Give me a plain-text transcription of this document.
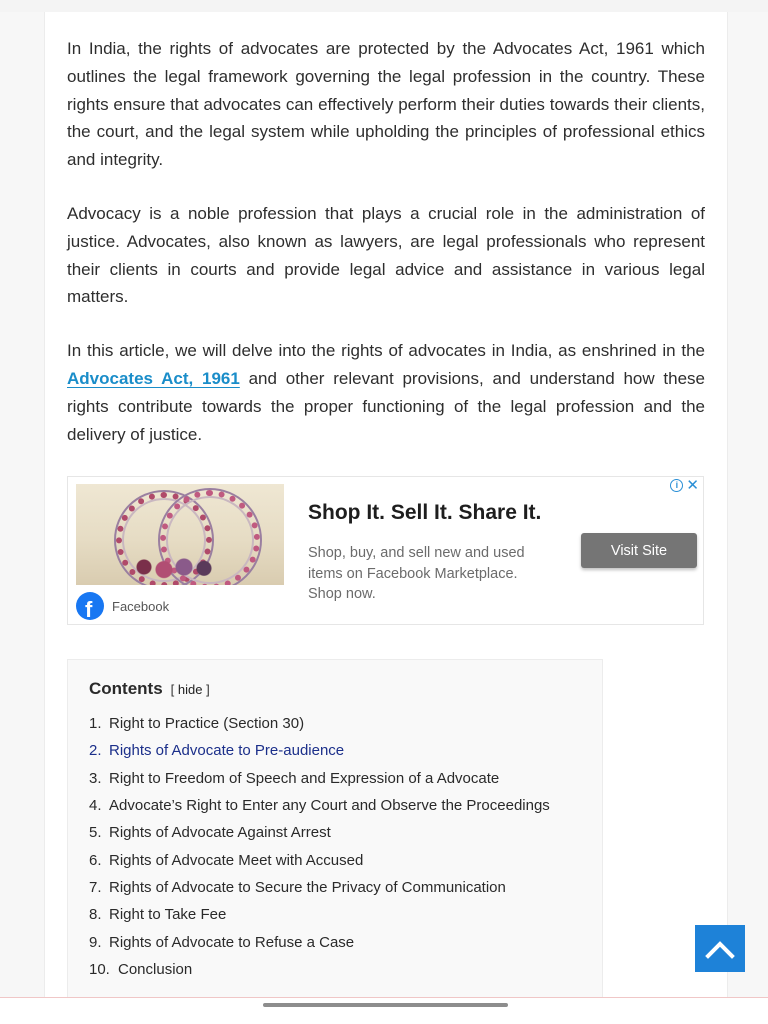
In India, the rights of advocates are protected by the Advocates Act, 1961 which outlines the legal framework governing the legal profession in the country. These rights ensure that advocates can effectively perform their duties towards their clients, the court, and the legal system while upholding the principles of professional ethics and integrity.

Advocacy is a noble profession that plays a crucial role in the administration of justice. Advocates, also known as lawyers, are legal professionals who represent their clients in courts and provide legal advice and assistance in various legal matters.

In this article, we will delve into the rights of advocates in India, as enshrined in the Advocates Act, 1961 and other relevant provisions, and understand how these rights contribute towards the proper functioning of the legal profession and the delivery of justice.

f Facebook
Shop It. Sell It. Share It.
Shop, buy, and sell new and used items on Facebook Marketplace. Shop now.
Visit Site
i ✕
Contents [ hide ]
1. Right to Practice (Section 30)
2. Rights of Advocate to Pre-audience
3. Right to Freedom of Speech and Expression of a Advocate
4. Advocate’s Right to Enter any Court and Observe the Proceedings
5. Rights of Advocate Against Arrest
6. Rights of Advocate Meet with Accused
7. Rights of Advocate to Secure the Privacy of Communication
8. Right to Take Fee
9. Rights of Advocate to Refuse a Case
10. Conclusion
